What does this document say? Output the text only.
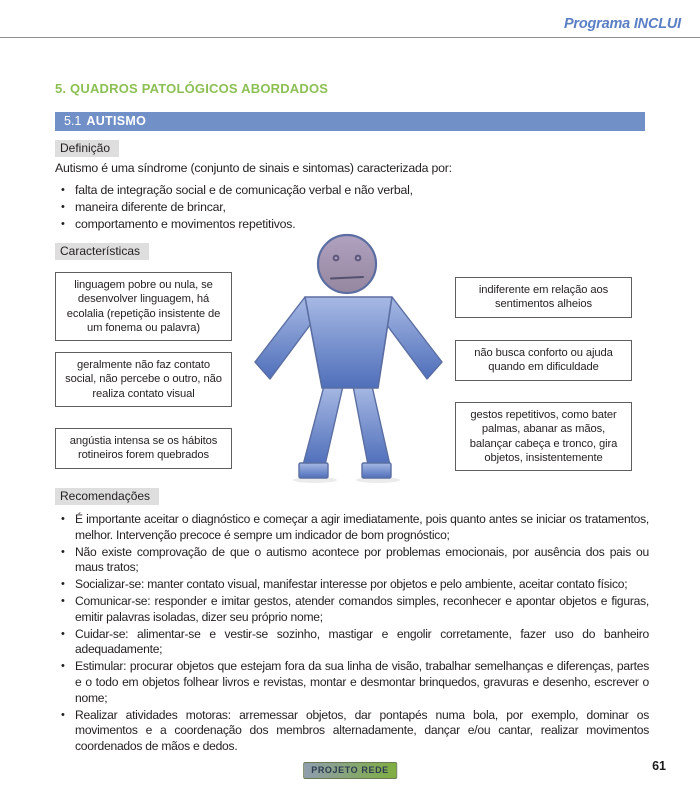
Programa INCLUI
5. QUADROS PATOLÓGICOS ABORDADOS
5.1 AUTISMO
Definição

Autismo é uma síndrome (conjunto de sinais e sintomas) caracterizada por:

• falta de integração social e de comunicação verbal e não verbal,
• maneira diferente de brincar,
• comportamento e movimentos repetitivos.
Características
linguagem pobre ou nula, se desenvolver linguagem, há ecolalia (repetição insistente de um fonema ou palavra)
geralmente não faz contato social, não percebe o outro, não realiza contato visual
angústia intensa se os hábitos rotineiros forem quebrados
indiferente em relação aos sentimentos alheios
não busca conforto ou ajuda quando em dificuldade
gestos repetitivos, como bater palmas, abanar as mãos, balançar cabeça e tronco, gira objetos, insistentemente
Recomendações
• É importante aceitar o diagnóstico e começar a agir imediatamente, pois quanto antes se iniciar os tratamentos, melhor. Intervenção precoce é sempre um indicador de bom prognóstico;
• Não existe comprovação de que o autismo acontece por problemas emocionais, por ausência dos pais ou maus tratos;
• Socializar-se: manter contato visual, manifestar interesse por objetos e pelo ambiente, aceitar contato físico;
• Comunicar-se: responder e imitar gestos, atender comandos simples, reconhecer e apontar objetos e figuras, emitir palavras isoladas, dizer seu próprio nome;
• Cuidar-se: alimentar-se e vestir-se sozinho, mastigar e engolir corretamente, fazer uso do banheiro adequadamente;
• Estimular: procurar objetos que estejam fora da sua linha de visão, trabalhar semelhanças e diferenças, partes e o todo em objetos folhear livros e revistas, montar e desmontar brinquedos, gravuras e desenho, escrever o nome;
• Realizar atividades motoras: arremessar objetos, dar pontapés numa bola, por exemplo, dominar os movimentos e a coordenação dos membros alternadamente, dançar e/ou cantar, realizar movimentos coordenados de mãos e dedos.
PROJETO REDE	61
